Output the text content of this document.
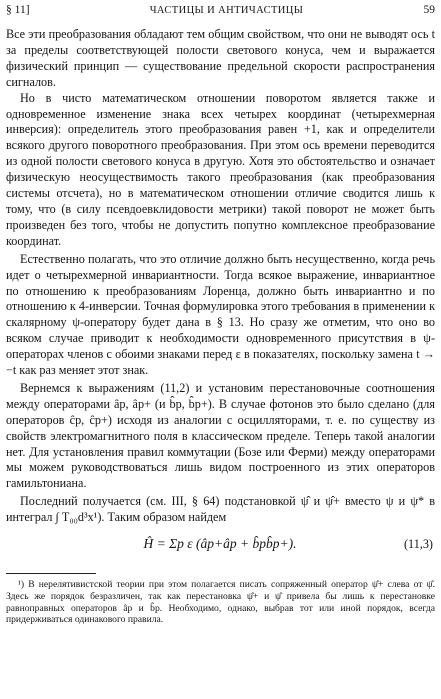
§ 11]	ЧАСТИЦЫ И АНТИЧАСТИЦЫ	59

Все эти преобразования обладают тем общим свойством, что они не выводят ось t за пределы соответствующей полости светового конуса, чем и выражается физический принцип — существование предельной скорости распространения сигналов.

Но в чисто математическом отношении поворотом является также и одновременное изменение знака всех четырех координат (четырехмерная инверсия): определитель этого преобразования равен +1, как и определители всякого другого поворотного преобразования. При этом ось времени переводится из одной полости светового конуса в другую. Хотя это обстоятельство и означает физическую неосуществимость такого преобразования (как преобразования системы отсчета), но в математическом отношении отличие сводится лишь к тому, что (в силу псевдоевклидовости метрики) такой поворот не может быть произведен без того, чтобы не допустить попутно комплексное преобразование координат.

Естественно полагать, что это отличие должно быть несущественно, когда речь идет о четырехмерной инвариантности. Тогда всякое выражение, инвариантное по отношению к преобразованиям Лоренца, должно быть инвариантно и по отношению к 4-инверсии. Точная формулировка этого требования в применении к скалярному ψ-оператору будет дана в § 13. Но сразу же отметим, что оно во всяком случае приводит к необходимости одновременного присутствия в ψ-операторах членов с обоими знаками перед ε в показателях, поскольку замена t → −t как раз меняет этот знак.

Вернемся к выражениям (11,2) и установим перестановочные соотношения между операторами âp, âp+ (и b̂p, b̂p+). В случае фотонов это было сделано (для операторов ĉp, ĉp+) исходя из аналогии с осцилляторами, т. е. по существу из свойств электромагнитного поля в классическом пределе. Теперь такой аналогии нет. Для установления правил коммутации (Бозе или Ферми) между операторами мы можем руководствоваться лишь видом построенного из этих операторов гамильтониана.

Последний получается (см. III, § 64) подстановкой ψ̂ и ψ̂+ вместо ψ и ψ* в интеграл ∫ T₀₀d³x¹). Таким образом найдем

Ĥ = Σp ε (âp+âp + b̂pb̂p+).	(11,3)

¹) В нерелятивистской теории при этом полагается писать сопряженный оператор ψ̂+ слева от ψ̂. Здесь же порядок безразличен, так как перестановка ψ̂+ и ψ̂ привела бы лишь к перестановке равноправных операторов âp и b̂p. Необходимо, однако, выбрав тот или иной порядок, всегда придерживаться одинакового правила.
